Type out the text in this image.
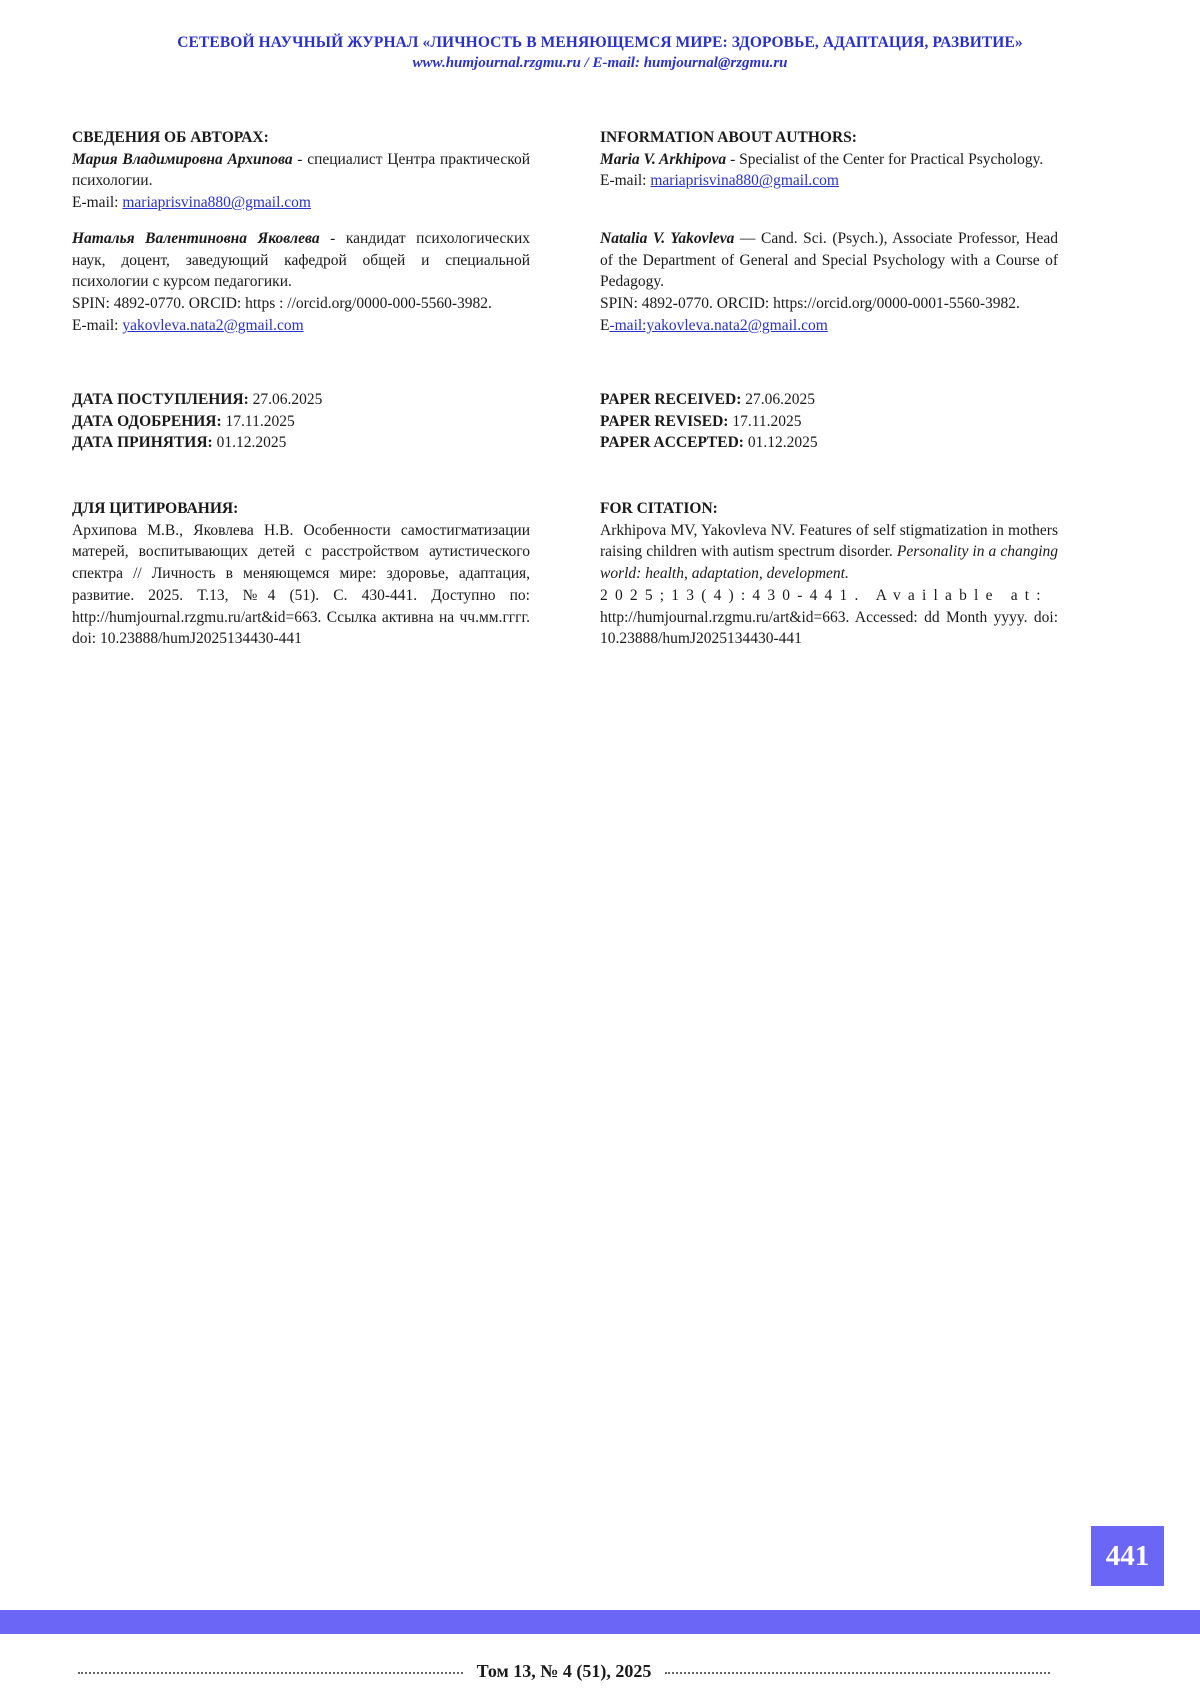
СЕТЕВОЙ НАУЧНЫЙ ЖУРНАЛ «ЛИЧНОСТЬ В МЕНЯЮЩЕМСЯ МИРЕ: ЗДОРОВЬЕ, АДАПТАЦИЯ, РАЗВИТИЕ»
www.humjournal.rzgmu.ru / E-mail: humjournal@rzgmu.ru
СВЕДЕНИЯ ОБ АВТОРАХ:
Мария Владимировна Архипова - специалист Центра практической психологии.
E-mail: mariaprisvina880@gmail.com
Наталья Валентиновна Яковлева - кандидат психологических наук, доцент, заведующий кафедрой общей и специальной психологии с курсом педагогики.
SPIN: 4892-0770. ORCID: https : //orcid.org/0000-000-5560-3982.
E-mail: yakovleva.nata2@gmail.com
ДАТА ПОСТУПЛЕНИЯ: 27.06.2025
ДАТА ОДОБРЕНИЯ: 17.11.2025
ДАТА ПРИНЯТИЯ: 01.12.2025
ДЛЯ ЦИТИРОВАНИЯ:
Архипова М.В., Яковлева Н.В. Особенности самостигматизации матерей, воспитывающих детей с расстройством аутистического спектра // Личность в меняющемся мире: здоровье, адаптация, развитие. 2025. Т.13, №4 (51). С. 430-441. Доступно по: http://humjournal.rzgmu.ru/art&id=663. Ссылка активна на чч.мм.гггг. doi: 10.23888/humJ2025134430-441
INFORMATION ABOUT AUTHORS:
Maria V. Arkhipova - Specialist of the Center for Practical Psychology.
E-mail: mariaprisvina880@gmail.com
Natalia V. Yakovleva — Cand. Sci. (Psych.), Associate Professor, Head of the Department of General and Special Psychology with a Course of Pedagogy.
SPIN: 4892-0770. ORCID: https://orcid.org/0000-0001-5560-3982.
E-mail:yakovleva.nata2@gmail.com
PAPER RECEIVED: 27.06.2025
PAPER REVISED: 17.11.2025
PAPER ACCEPTED: 01.12.2025
FOR CITATION:
Arkhipova MV, Yakovleva NV. Features of self stigmatization in mothers raising children with autism spectrum disorder. Personality in a changing world: health, adaptation, development.
2025;13(4):430-441. Available at:
http://humjournal.rzgmu.ru/art&id=663. Accessed: dd Month yyyy. doi: 10.23888/humJ2025134430-441
441
Том 13, № 4 (51), 2025
